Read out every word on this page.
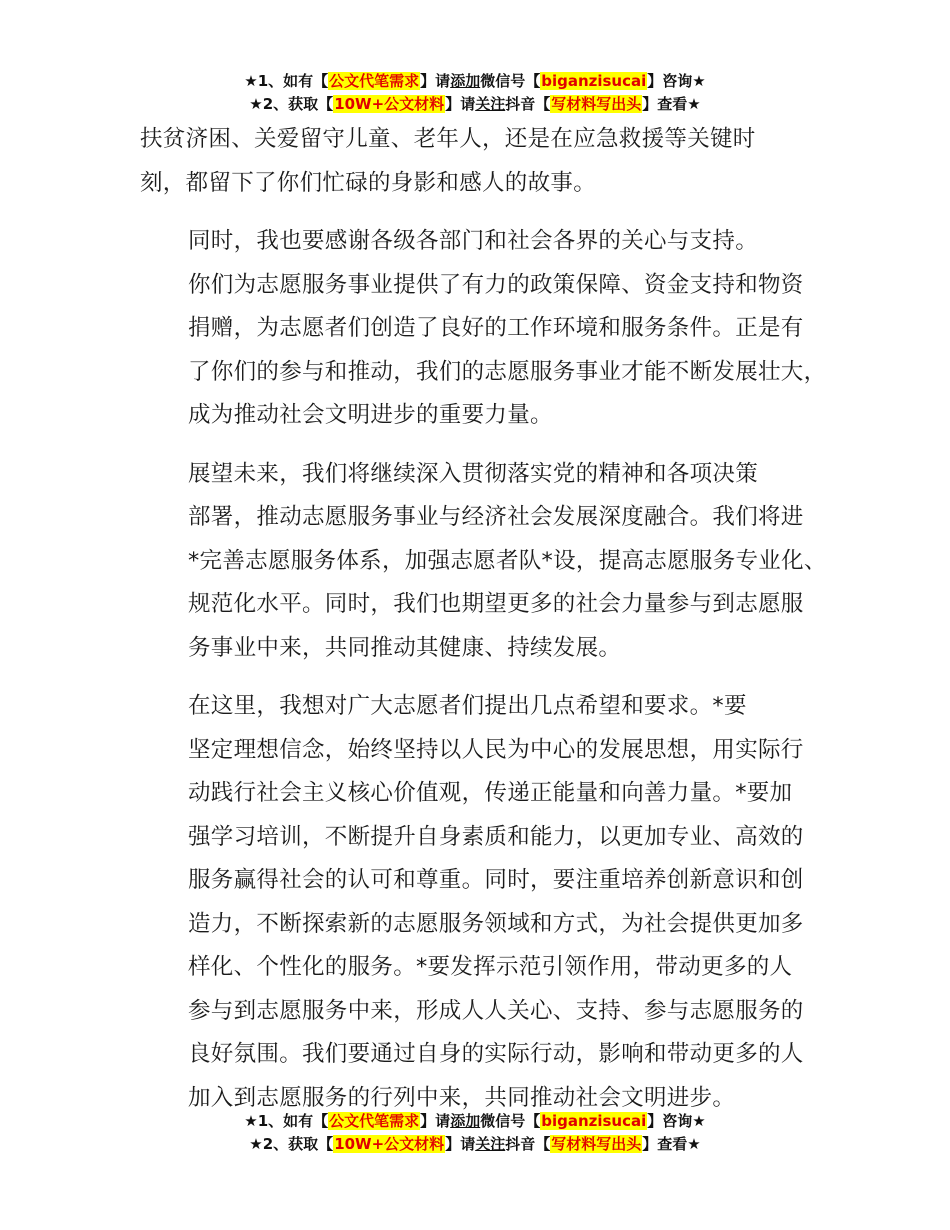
★1、如有【公文代笔需求】请添加微信号【biganzisucai】咨询★
★2、获取【10W+公文材料】请关注抖音【写材料写出头】查看★

扶贫济困、关爱留守儿童、老年人，还是在应急救援等关键时
刻，都留下了你们忙碌的身影和感人的故事。

同时，我也要感谢各级各部门和社会各界的关心与支持。
你们为志愿服务事业提供了有力的政策保障、资金支持和物资
捐赠，为志愿者们创造了良好的工作环境和服务条件。正是有
了你们的参与和推动，我们的志愿服务事业才能不断发展壮大，
成为推动社会文明进步的重要力量。

展望未来，我们将继续深入贯彻落实党的精神和各项决策
部署，推动志愿服务事业与经济社会发展深度融合。我们将进
*完善志愿服务体系，加强志愿者队*设，提高志愿服务专业化、
规范化水平。同时，我们也期望更多的社会力量参与到志愿服
务事业中来，共同推动其健康、持续发展。

在这里，我想对广大志愿者们提出几点希望和要求。*要
坚定理想信念，始终坚持以人民为中心的发展思想，用实际行
动践行社会主义核心价值观，传递正能量和向善力量。*要加
强学习培训，不断提升自身素质和能力，以更加专业、高效的
服务赢得社会的认可和尊重。同时，要注重培养创新意识和创
造力，不断探索新的志愿服务领域和方式，为社会提供更加多
样化、个性化的服务。*要发挥示范引领作用，带动更多的人
参与到志愿服务中来，形成人人关心、支持、参与志愿服务的
良好氛围。我们要通过自身的实际行动，影响和带动更多的人
加入到志愿服务的行列中来，共同推动社会文明进步。

★1、如有【公文代笔需求】请添加微信号【biganzisucai】咨询★
★2、获取【10W+公文材料】请关注抖音【写材料写出头】查看★
